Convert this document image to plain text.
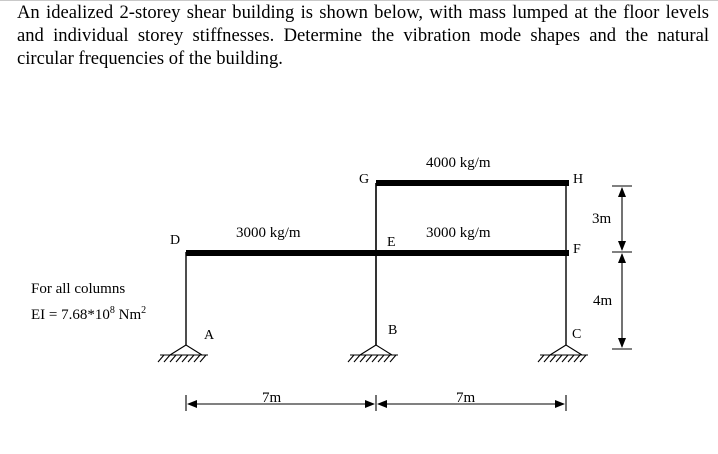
An idealized 2-storey shear building is shown below, with mass lumped at the floor levels and individual storey stiffnesses. Determine the vibration mode shapes and the natural circular frequencies of the building.

D
A
G
E
B
H
F
C
4000 kg/m
3000 kg/m	3000 kg/m
For all columns
EI = $7.68*10^8$ Nm$^2$
3m
4m
7m	7m
